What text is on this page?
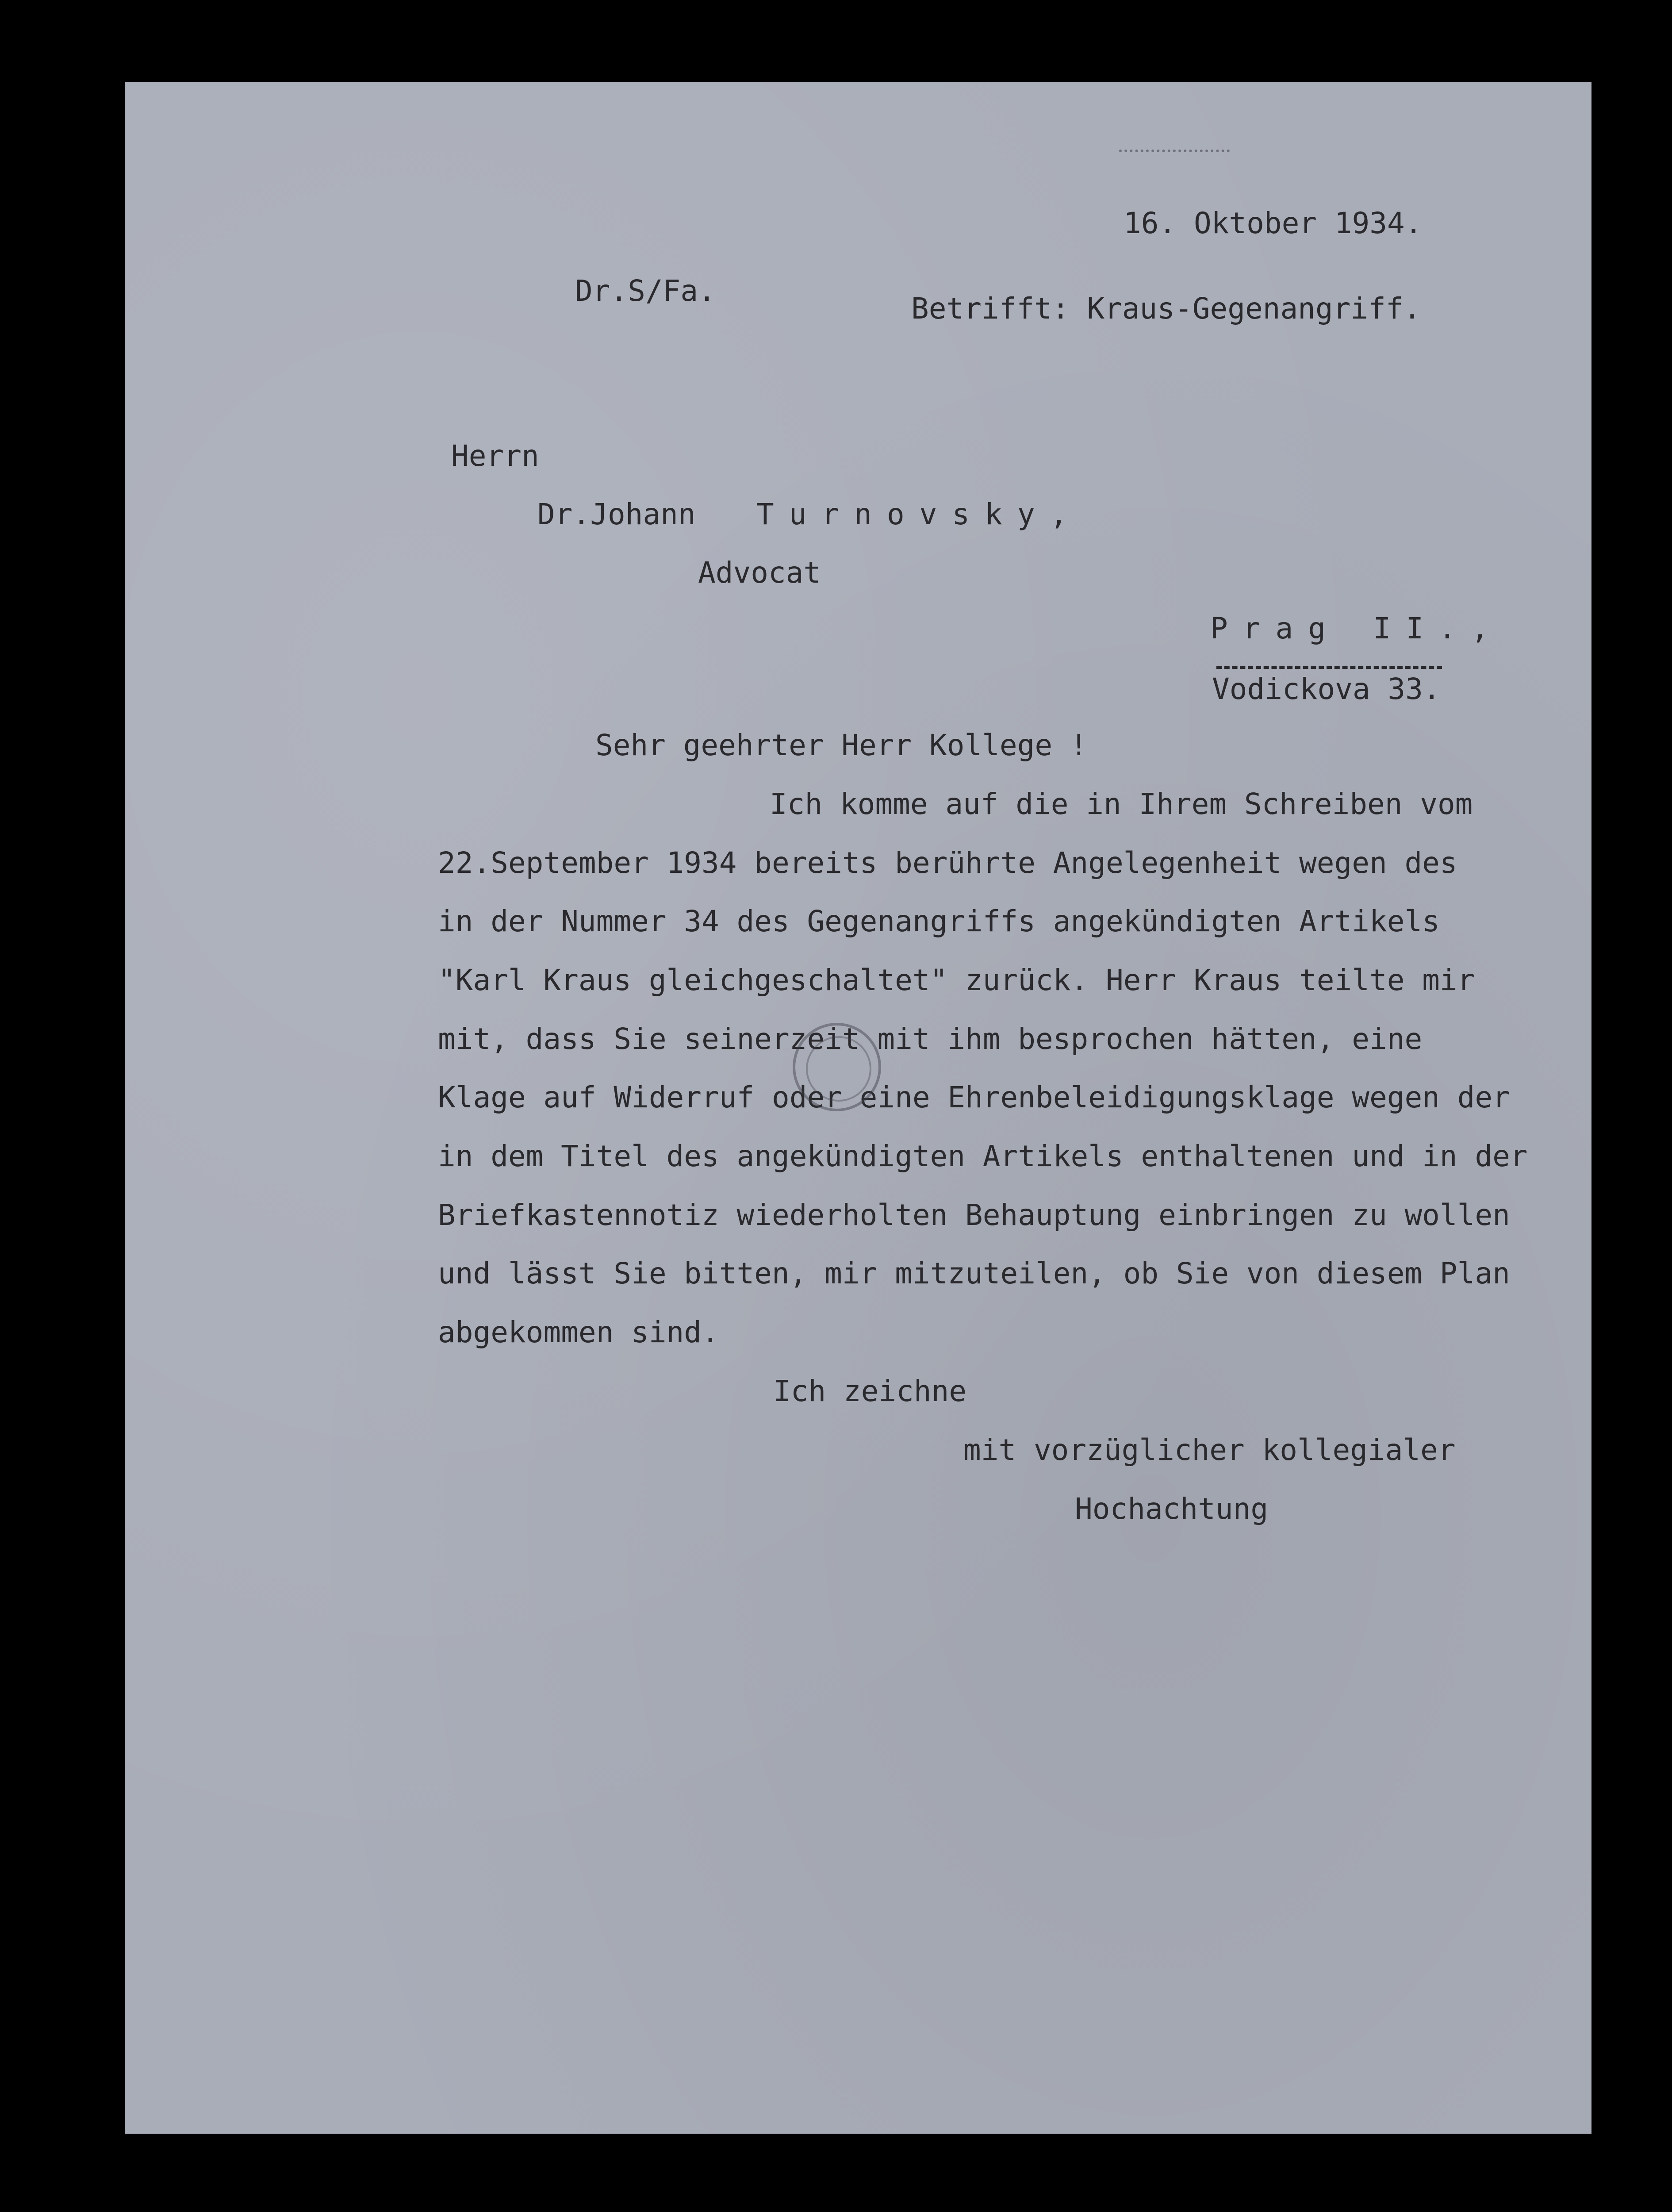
16. Oktober 1934.
Dr.S/Fa.
Betrifft: Kraus-Gegenangriff.
Herrn
Dr.Johann Turnovsky,
Advocat
Prag II.,
Vodickova 33.
Sehr geehrter Herr Kollege !
Ich komme auf die in Ihrem Schreiben vom
22.September 1934 bereits berührte Angelegenheit wegen des
in der Nummer 34 des Gegenangriffs angekündigten Artikels
"Karl Kraus gleichgeschaltet" zurück. Herr Kraus teilte mir
mit, dass Sie seinerzeit mit ihm besprochen hätten, eine
Klage auf Widerruf oder eine Ehrenbeleidigungsklage wegen der
in dem Titel des angekündigten Artikels enthaltenen und in der
Briefkastennotiz wiederholten Behauptung einbringen zu wollen
und lässt Sie bitten, mir mitzuteilen, ob Sie von diesem Plan
abgekommen sind.
Ich zeichne
mit vorzüglicher kollegialer
Hochachtung
